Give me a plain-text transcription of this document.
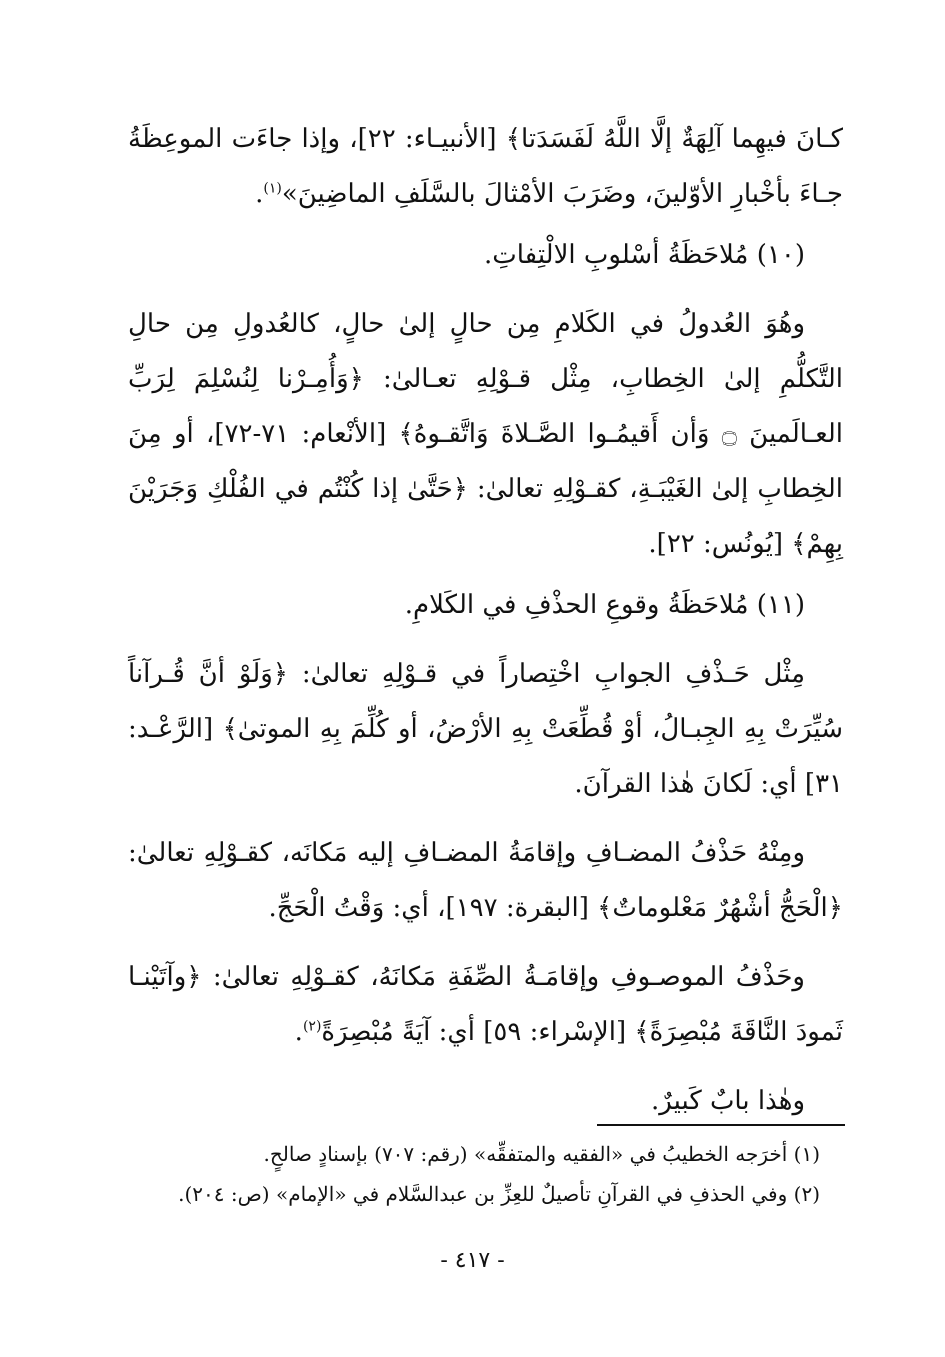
كـانَ فيهِما آلِهَةٌ إلَّا اللَّهُ لَفَسَدَتا﴾ [الأنبيـاء: ٢٢]، وإذا جاءَت الموعِظَةُ جـاءَ بأخْبارِ الأوّلينَ، وضَرَبَ الأمْثالَ بالسَّلَفِ الماضِينَ»$^{(١)}$.

(١٠) مُلاحَظَةُ أسْلوبِ الالْتِفاتِ.

وهُوَ العُدولُ في الكَلامِ مِن حالٍ إلىٰ حالٍ، كالعُدولِ مِن حالِ التَّكلُّمِ إلىٰ الخِطابِ، مِثْل قـوْلِهِ تعـالىٰ: ﴿وَأُمِـرْنا لِنُسْلِمَ لِرَبِّ العـالَمينَ ۝ وَأن أَقيمُـوا الصَّـلاةَ وَاتَّقـوهُ﴾ [الأنْعام: ٧١-٧٢]، أو مِنَ الخِطابِ إلىٰ الغَيْبَـةِ، كقـوْلِهِ تعالىٰ: ﴿حَتَّىٰ إذا كُنْتُم في الفُلْكِ وَجَرَيْنَ بِهِمْ﴾ [يُونُس: ٢٢].

(١١) مُلاحَظَةُ وقوعِ الحذْفِ في الكَلامِ.

مِثْل حَـذْفِ الجوابِ اخْتِصاراً في قـوْلِهِ تعالىٰ: ﴿وَلَوْ أنَّ قُـرآناً سُيِّرَتْ بِهِ الجِبـالُ، أوْ قُطِّعَتْ بِهِ الأرْضُ، أو كُلِّمَ بِهِ الموتىٰ﴾ [الرَّعْـد: ٣١] أي: لَكانَ هٰذا القرآنَ.

ومِنْهُ حَذْفُ المضـافِ وإقامَةُ المضـافِ إليه مَكانَه، كقـوْلِهِ تعالىٰ: ﴿الْحَجُّ أشْهُرٌ مَعْلوماتٌ﴾ [البقرة: ١٩٧]، أي: وَقْتُ الْحَجِّ.

وحَذْفُ الموصـوفِ وإقامَـةُ الصِّفَةِ مَكانَهُ، كقـوْلِهِ تعالىٰ: ﴿وآتَيْنـا ثَمودَ النَّاقَةَ مُبْصِرَةً﴾ [الإسْراء: ٥٩] أي: آيَةً مُبْصِرَةً$^{(٢)}$.

وهٰذا بابٌ كَبيرٌ.

(١) أخرَجه الخطيبُ في «الفقيه والمتفقِّه» (رقم: ٧٠٧) بإسنادٍ صالحٍ.

(٢) وفي الحذفِ في القرآنِ تأصيلٌ للعِزِّ بن عبدالسَّلام في «الإمام» (ص: ٢٠٤).

- ٤١٧ -
